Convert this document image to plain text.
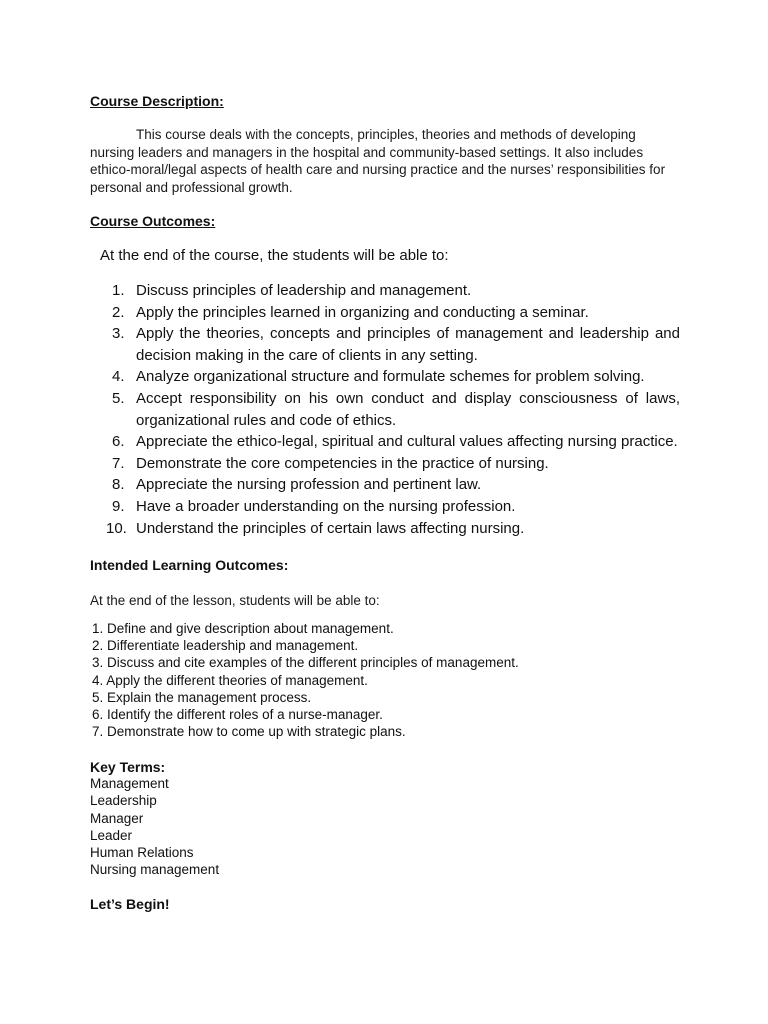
Course Description:
This course deals with the concepts, principles, theories and methods of developing nursing leaders and managers in the hospital and community-based settings. It also includes ethico-moral/legal aspects of health care and nursing practice and the nurses’ responsibilities for personal and professional growth.
Course Outcomes:
At the end of the course, the students will be able to:
1. Discuss principles of leadership and management.
2. Apply the principles learned in organizing and conducting a seminar.
3. Apply the theories, concepts and principles of management and leadership and decision making in the care of clients in any setting.
4. Analyze organizational structure and formulate schemes for problem solving.
5. Accept responsibility on his own conduct and display consciousness of laws, organizational rules and code of ethics.
6. Appreciate the ethico-legal, spiritual and cultural values affecting nursing practice.
7. Demonstrate the core competencies in the practice of nursing.
8. Appreciate the nursing profession and pertinent law.
9. Have a broader understanding on the nursing profession.
10. Understand the principles of certain laws affecting nursing.
Intended Learning Outcomes:
At the end of the lesson, students will be able to:
1. Define and give description about management.
2. Differentiate leadership and management.
3. Discuss and cite examples of the different principles of management.
4. Apply the different theories of management.
5. Explain the management process.
6. Identify the different roles of a nurse-manager.
7. Demonstrate how to come up with strategic plans.
Key Terms:
Management
Leadership
Manager
Leader
Human Relations
Nursing management
Let’s Begin!
